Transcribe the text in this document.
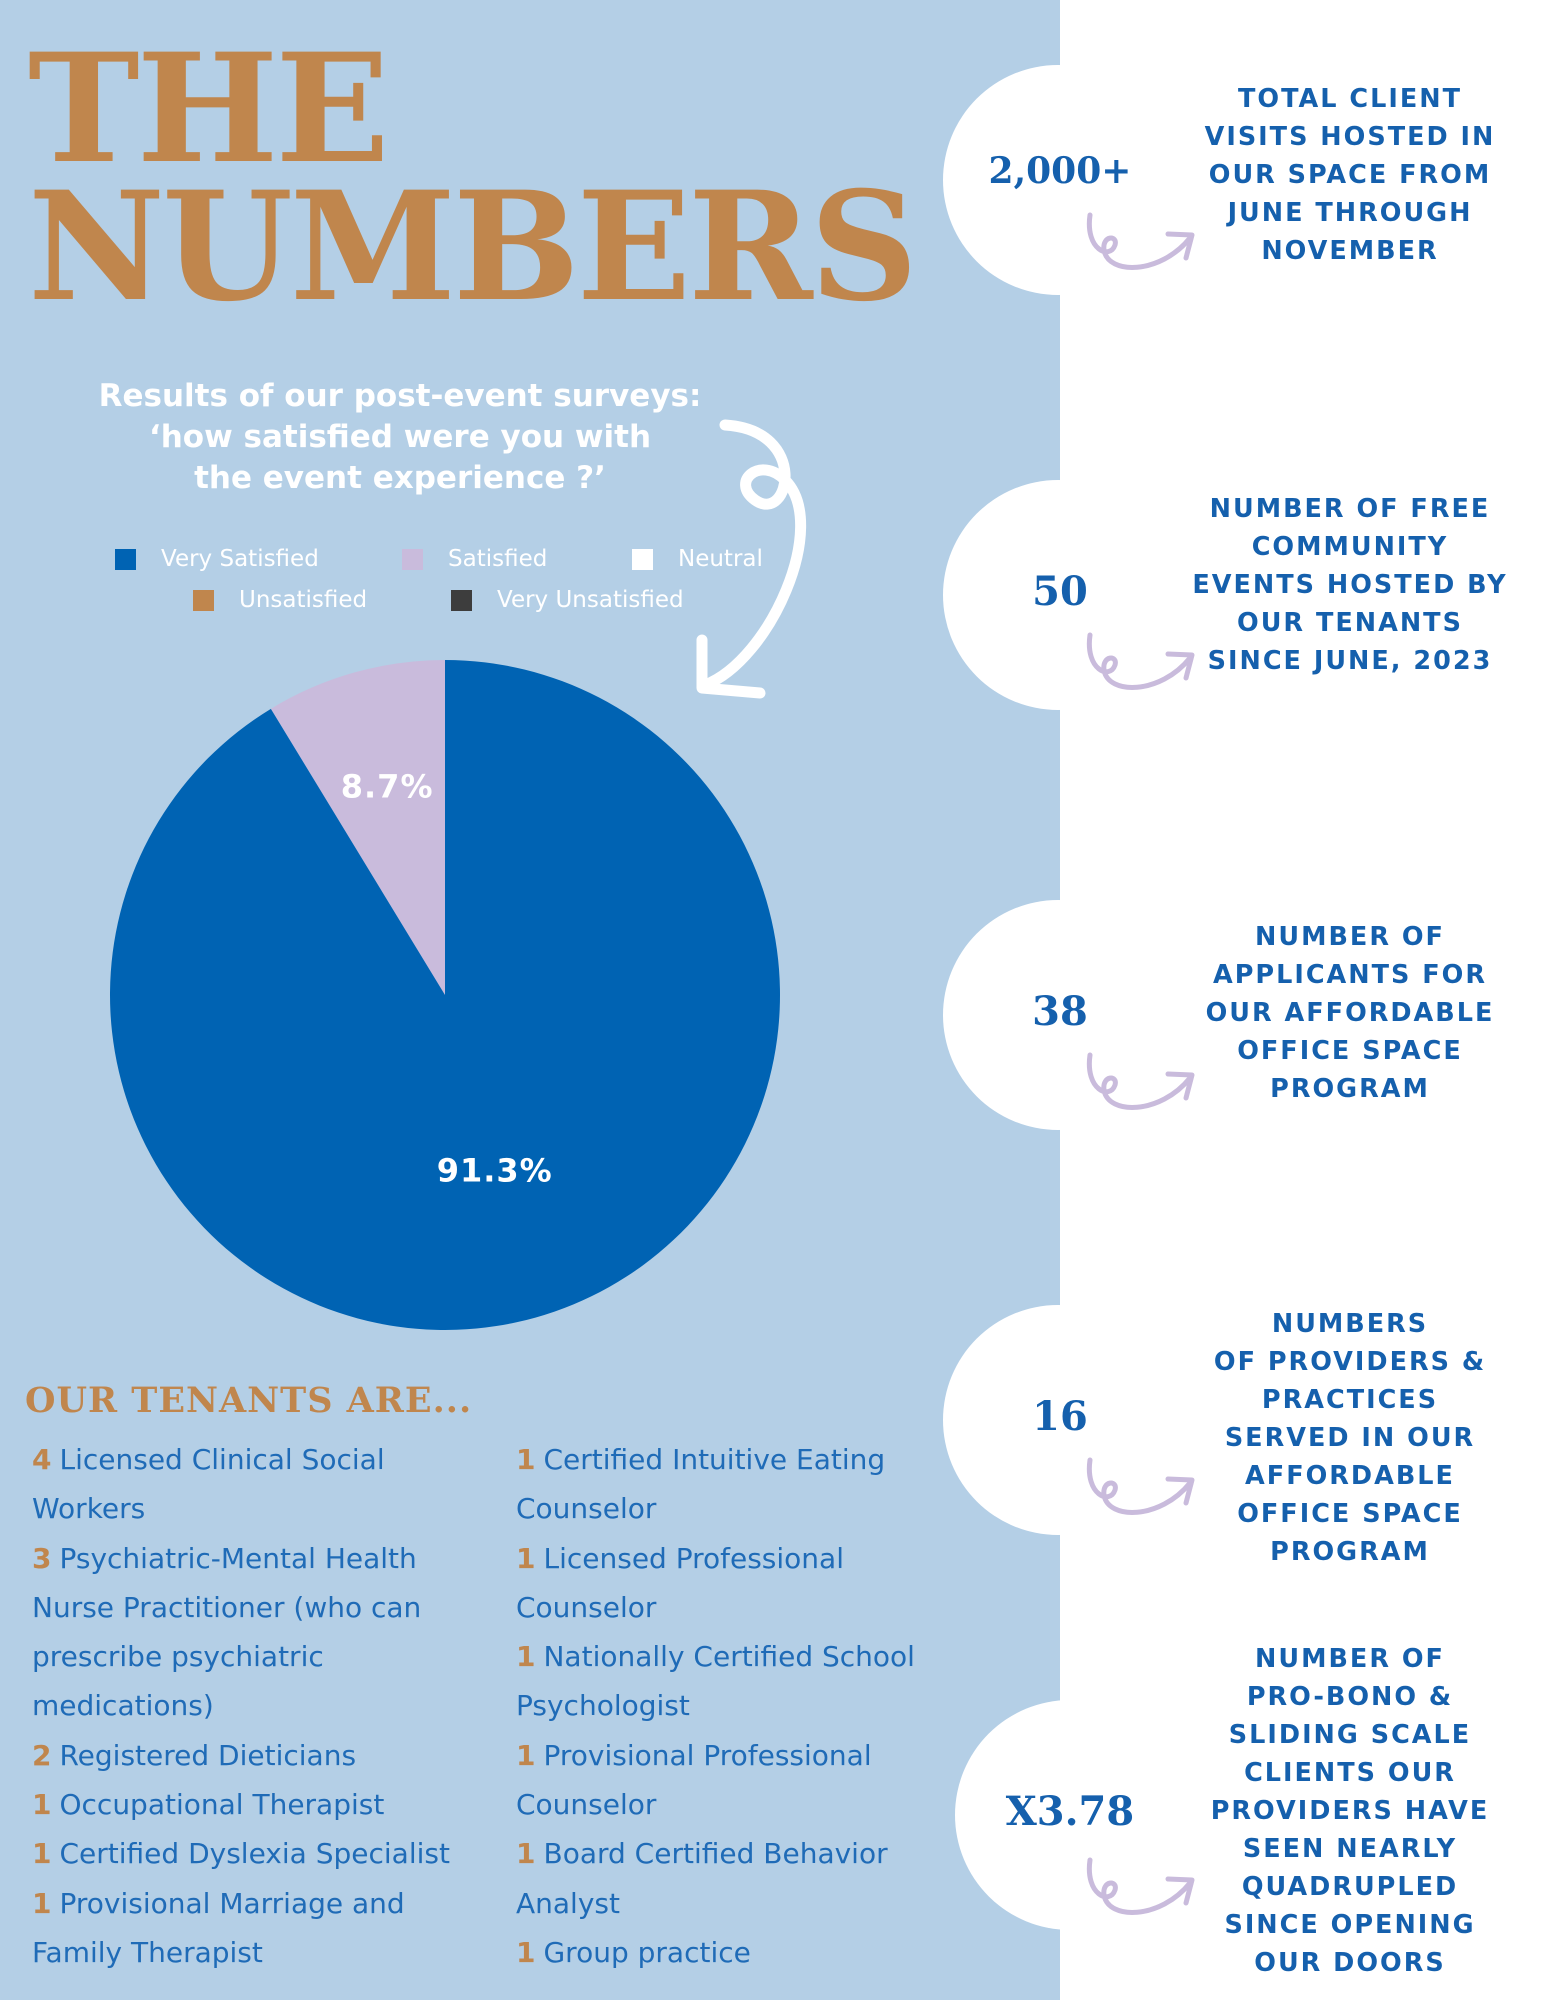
THE
NUMBERS
Results of our post-event surveys:
‘how satisfied were you with
the event experience ?’
Very Satisfied	Satisfied	Neutral
Unsatisfied	Very Unsatisfied
8.7%
91.3%
OUR TENANTS ARE...
4 Licensed Clinical Social
Workers
3 Psychiatric-Mental Health
Nurse Practitioner (who can
prescribe psychiatric
medications)
2 Registered Dieticians
1 Occupational Therapist
1 Certified Dyslexia Specialist
1 Provisional Marriage and
Family Therapist
1 Certified Intuitive Eating
Counselor
1 Licensed Professional
Counselor
1 Nationally Certified School
Psychologist
1 Provisional Professional
Counselor
1 Board Certified Behavior
Analyst
1 Group practice
2,000+
TOTAL CLIENT
VISITS HOSTED IN
OUR SPACE FROM
JUNE THROUGH
NOVEMBER
50
NUMBER OF FREE
COMMUNITY
EVENTS HOSTED BY
OUR TENANTS
SINCE JUNE, 2023
38
NUMBER OF
APPLICANTS FOR
OUR AFFORDABLE
OFFICE SPACE
PROGRAM
16
NUMBERS
OF PROVIDERS &
PRACTICES
SERVED IN OUR
AFFORDABLE
OFFICE SPACE
PROGRAM
X3.78
NUMBER OF
PRO-BONO &
SLIDING SCALE
CLIENTS OUR
PROVIDERS HAVE
SEEN NEARLY
QUADRUPLED
SINCE OPENING
OUR DOORS
